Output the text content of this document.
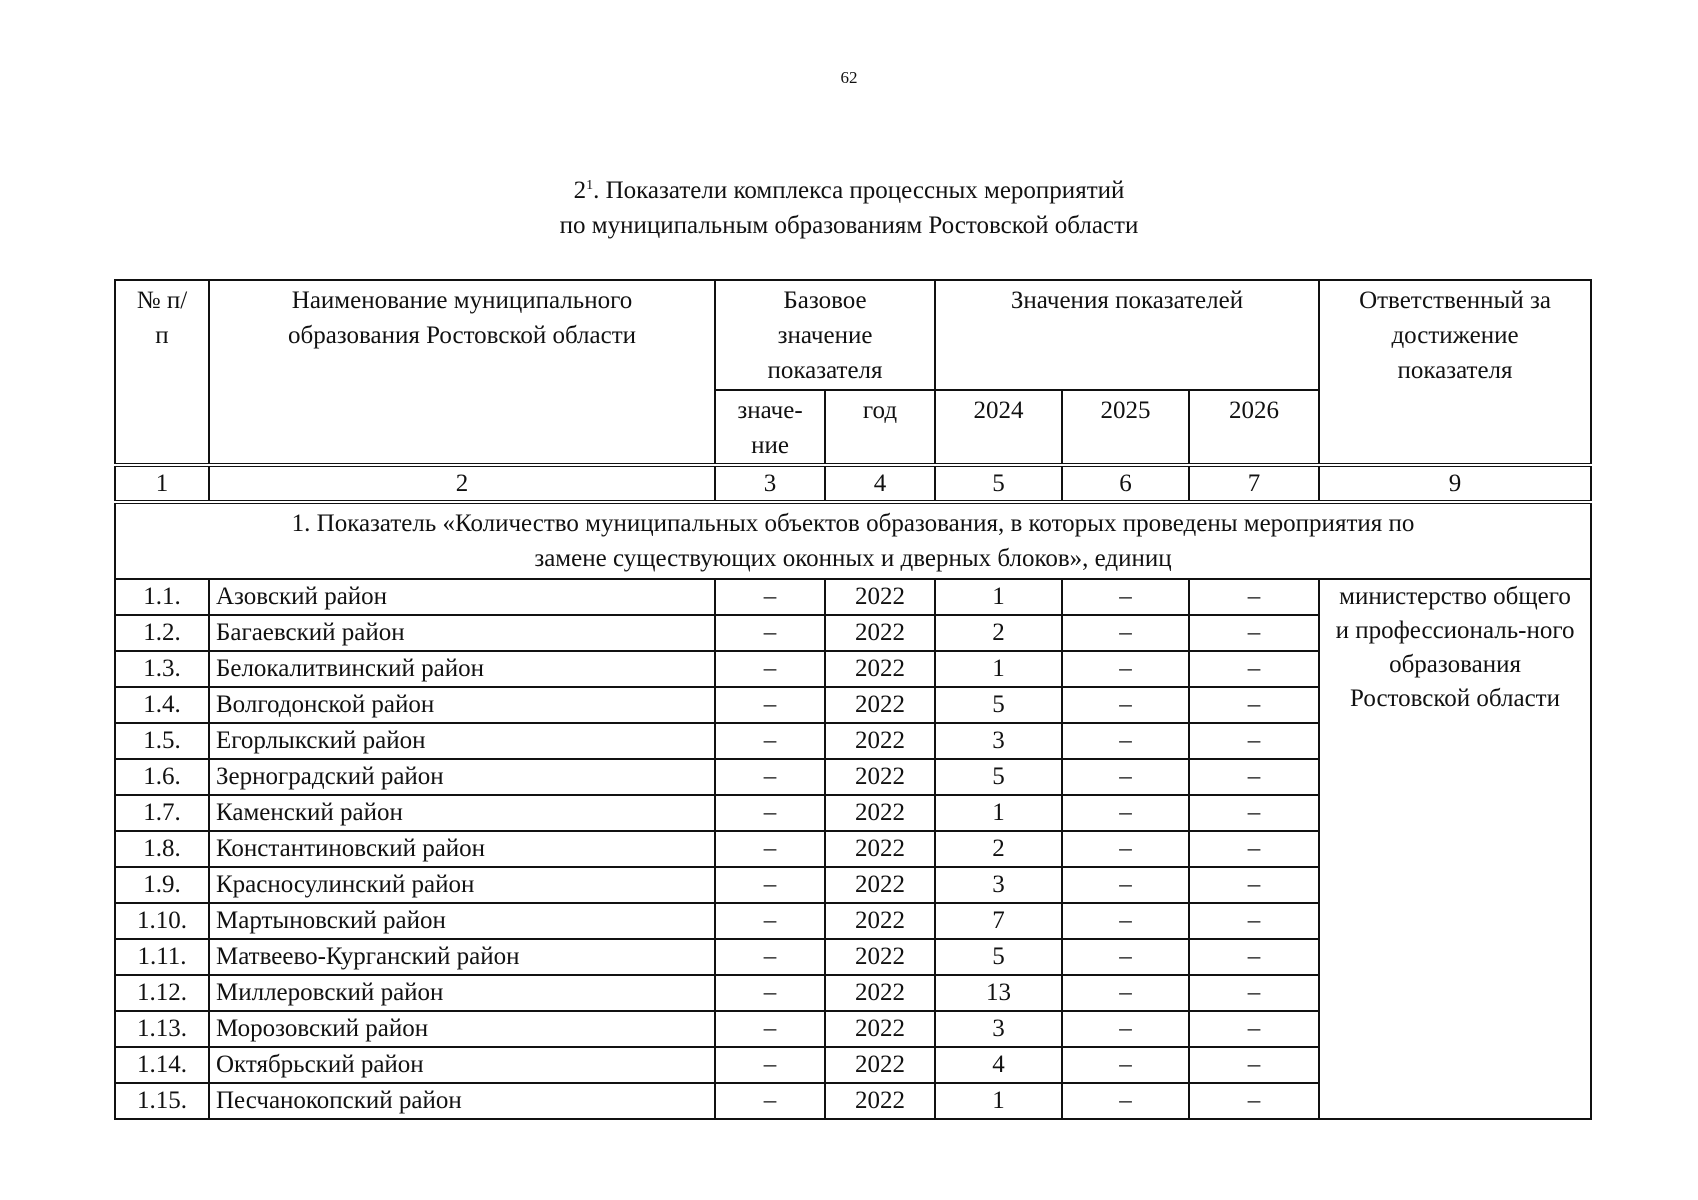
62
$2^1$. Показатели комплекса процессных мероприятий
по муниципальным образованиям Ростовской области
№ п/п	Наименование муниципального образования Ростовской области	Базовое значение показателя		Значения показателей			Ответственный за достижение показателя
		значе-ние	год	2024	2025	2026	
1	2	3	4	5	6	7	9
1. Показатель «Количество муниципальных объектов образования, в которых проведены мероприятия по замене существующих оконных и дверных блоков», единиц							
1.1.	Азовский район	–	2022	1	–	–	министерство общего и профессиональ-ного образования Ростовской области
1.2.	Багаевский район	–	2022	2	–	–	
1.3.	Белокалитвинский район	–	2022	1	–	–	
1.4.	Волгодонской район	–	2022	5	–	–	
1.5.	Егорлыкский район	–	2022	3	–	–	
1.6.	Зерноградский район	–	2022	5	–	–	
1.7.	Каменский район	–	2022	1	–	–	
1.8.	Константиновский район	–	2022	2	–	–	
1.9.	Красносулинский район	–	2022	3	–	–	
1.10.	Мартыновский район	–	2022	7	–	–	
1.11.	Матвеево-Курганский район	–	2022	5	–	–	
1.12.	Миллеровский район	–	2022	13	–	–	
1.13.	Морозовский район	–	2022	3	–	–	
1.14.	Октябрьский район	–	2022	4	–	–	
1.15.	Песчанокопский район	–	2022	1	–	–	
